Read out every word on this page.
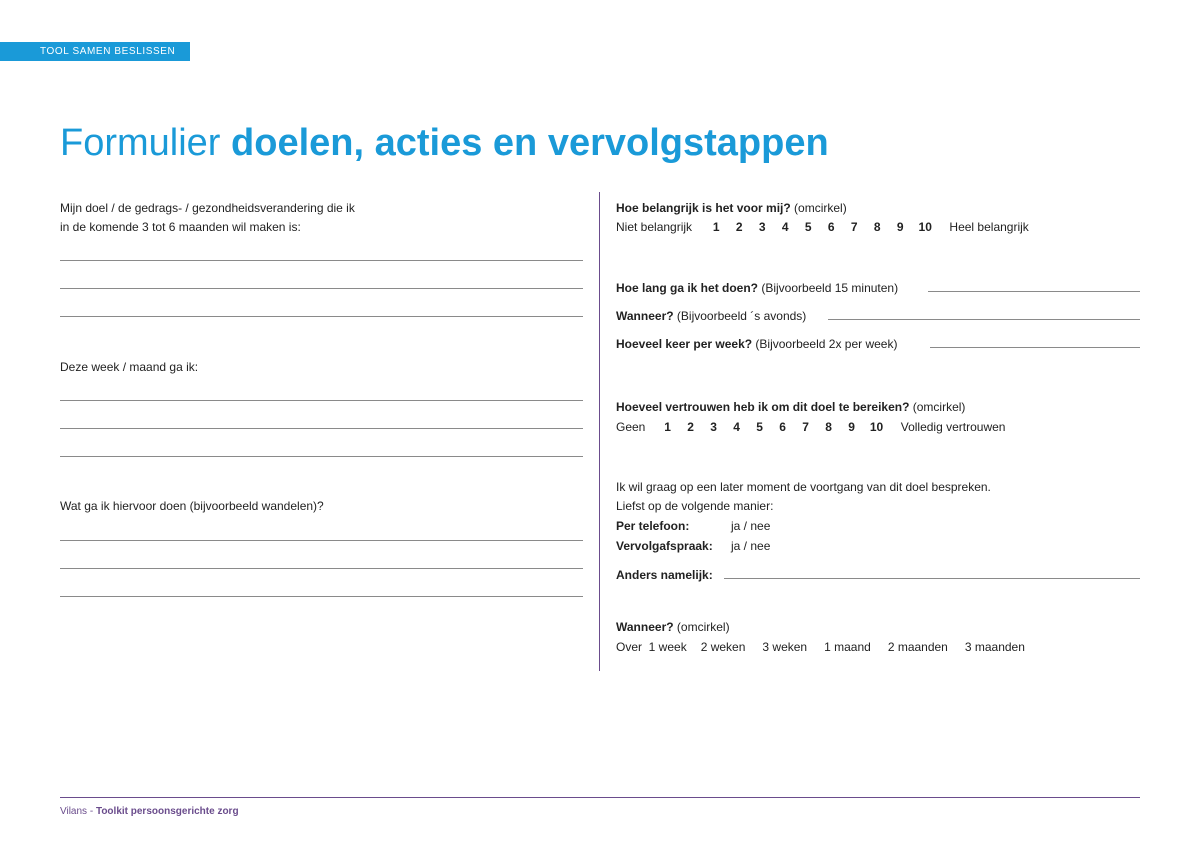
TOOL SAMEN BESLISSEN
Formulier doelen, acties en vervolgstappen
Mijn doel / de gedrags- / gezondheidsverandering die ik
in de komende 3 tot 6 maanden wil maken is:
Deze week / maand ga ik:
Wat ga ik hiervoor doen (bijvoorbeeld wandelen)?
Hoe belangrijk is het voor mij? (omcirkel)
Niet belangrijk 1 2 3 4 5 6 7 8 9 10 Heel belangrijk
Hoe lang ga ik het doen? (Bijvoorbeeld 15 minuten)
Wanneer? (Bijvoorbeeld ´s avonds)
Hoeveel keer per week? (Bijvoorbeeld 2x per week)
Hoeveel vertrouwen heb ik om dit doel te bereiken? (omcirkel)
Geen 1 2 3 4 5 6 7 8 9 10 Volledig vertrouwen
Ik wil graag op een later moment de voortgang van dit doel bespreken.
Liefst op de volgende manier:
Per telefoon:	ja / nee
Vervolgafspraak: ja / nee
Anders namelijk:
Wanneer? (omcirkel)
Over  1 week 2 weken 3 weken 1 maand 2 maanden 3 maanden
Vilans - Toolkit persoonsgerichte zorg
